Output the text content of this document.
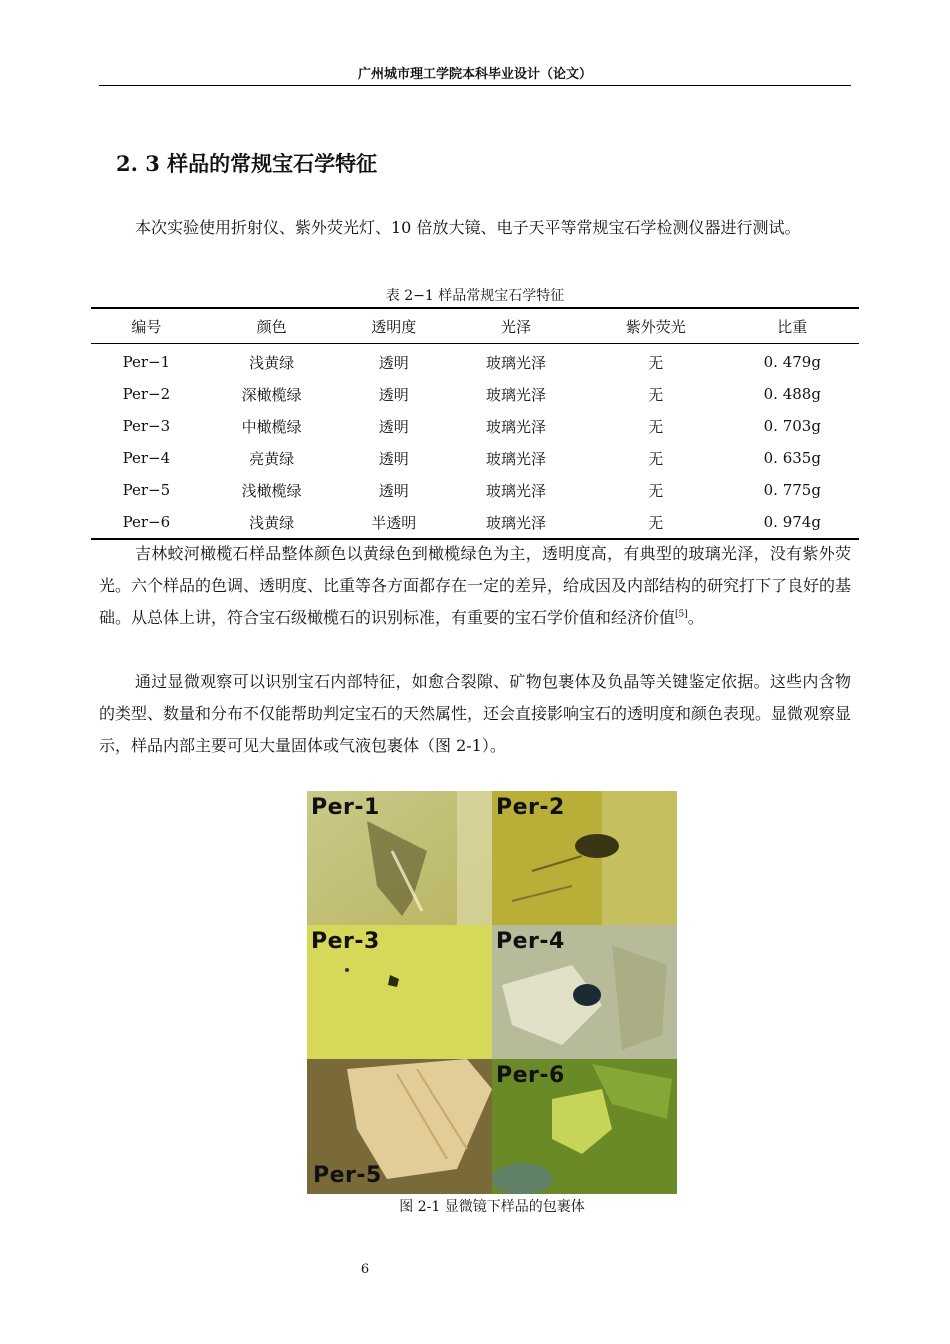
广州城市理工学院本科毕业设计（论文）
2. 3 样品的常规宝石学特征

本次实验使用折射仪、紫外荧光灯、10 倍放大镜、电子天平等常规宝石学检测仪器进行测试。

表 2−1 样品常规宝石学特征
编号	颜色	透明度	光泽	紫外荧光	比重
Per−1	浅黄绿	透明	玻璃光泽	无	0. 479g
Per−2	深橄榄绿	透明	玻璃光泽	无	0. 488g
Per−3	中橄榄绿	透明	玻璃光泽	无	0. 703g
Per−4	亮黄绿	透明	玻璃光泽	无	0. 635g
Per−5	浅橄榄绿	透明	玻璃光泽	无	0. 775g
Per−6	浅黄绿	半透明	玻璃光泽	无	0. 974g

吉林蛟河橄榄石样品整体颜色以黄绿色到橄榄绿色为主，透明度高，有典型的玻璃光泽，没有紫外荧光。六个样品的色调、透明度、比重等各方面都存在一定的差异，给成因及内部结构的研究打下了良好的基础。从总体上讲，符合宝石级橄榄石的识别标准，有重要的宝石学价值和经济价值[5]。

通过显微观察可以识别宝石内部特征，如愈合裂隙、矿物包裹体及负晶等关键鉴定依据。这些内含物的类型、数量和分布不仅能帮助判定宝石的天然属性，还会直接影响宝石的透明度和颜色表现。显微观察显示，样品内部主要可见大量固体或气液包裹体（图 2-1）。

Per-1	Per-2
Per-3	Per-4
Per-5
Per-6
图 2-1 显微镜下样品的包裹体
6
